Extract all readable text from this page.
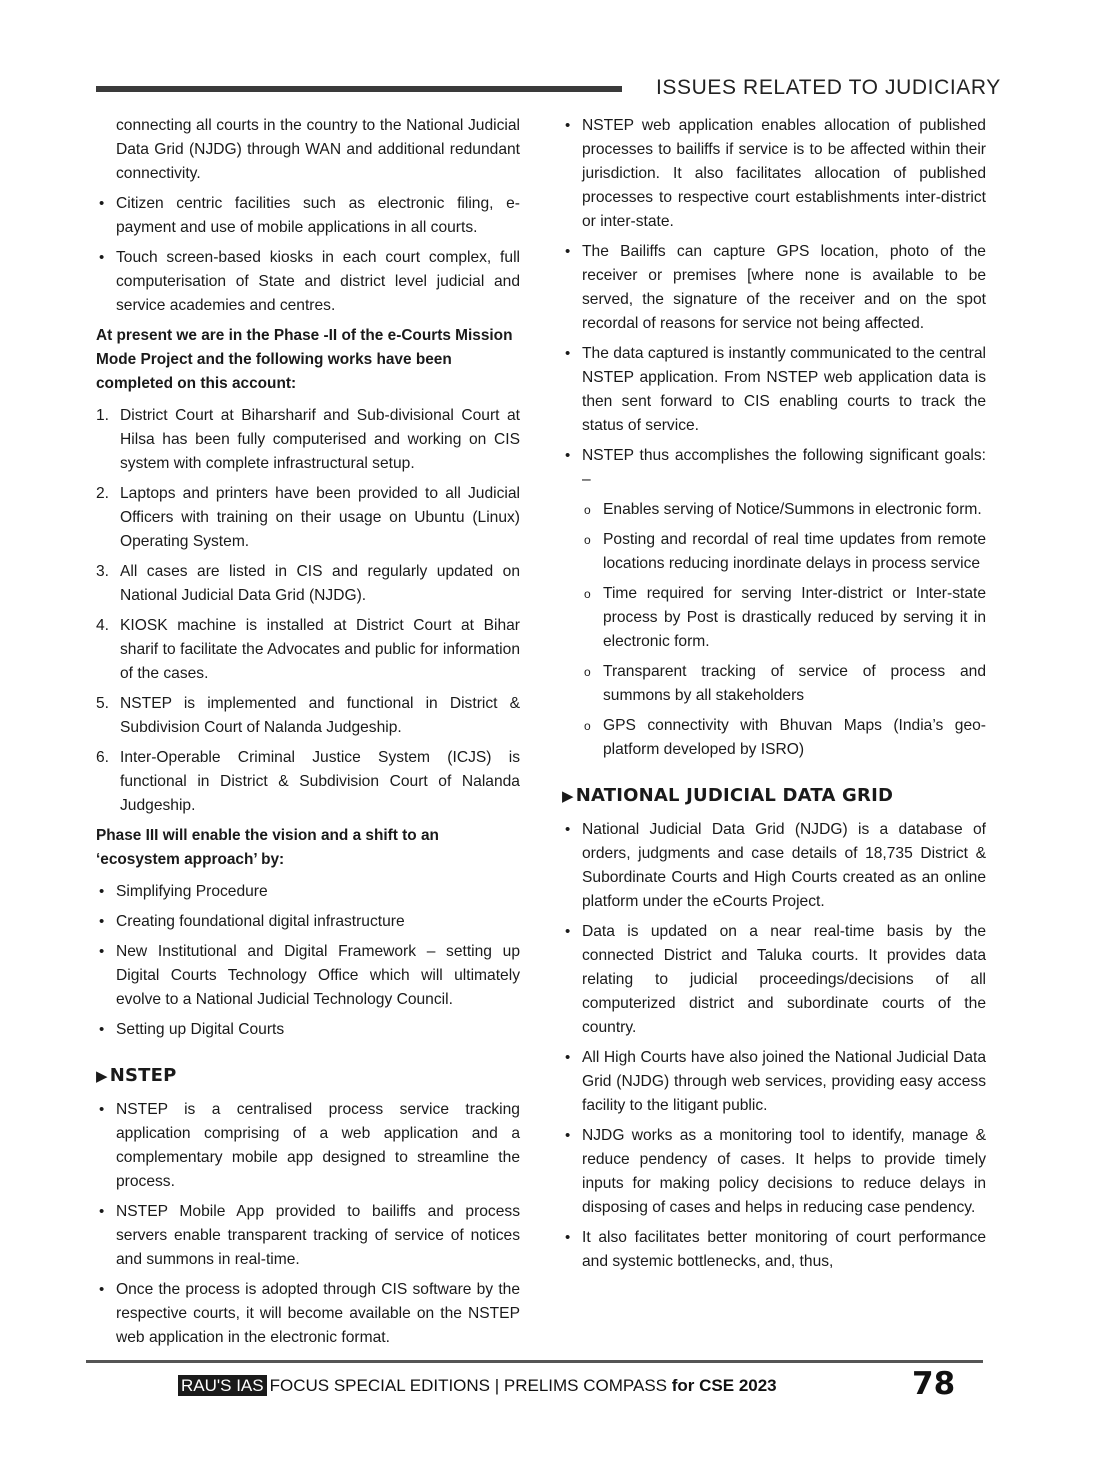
ISSUES RELATED TO JUDICIARY
connecting all courts in the country to the National Judicial Data Grid (NJDG) through WAN and additional redundant connectivity.
• Citizen centric facilities such as electronic filing, e-payment and use of mobile applications in all courts.
• Touch screen-based kiosks in each court complex, full computerisation of State and district level judicial and service academies and centres.
At present we are in the Phase -II of the e-Courts Mission Mode Project and the following works have been completed on this account:
1. District Court at Biharsharif and Sub-divisional Court at Hilsa has been fully computerised and working on CIS system with complete infrastructural setup.
2. Laptops and printers have been provided to all Judicial Officers with training on their usage on Ubuntu (Linux) Operating System.
3. All cases are listed in CIS and regularly updated on National Judicial Data Grid (NJDG).
4. KIOSK machine is installed at District Court at Bihar sharif to facilitate the Advocates and public for information of the cases.
5. NSTEP is implemented and functional in District & Subdivision Court of Nalanda Judgeship.
6. Inter-Operable Criminal Justice System (ICJS) is functional in District & Subdivision Court of Nalanda Judgeship.
Phase III will enable the vision and a shift to an ‘ecosystem approach’ by:
• Simplifying Procedure
• Creating foundational digital infrastructure
• New Institutional and Digital Framework – setting up Digital Courts Technology Office which will ultimately evolve to a National Judicial Technology Council.
• Setting up Digital Courts
▶ NSTEP
• NSTEP is a centralised process service tracking application comprising of a web application and a complementary mobile app designed to streamline the process.
• NSTEP Mobile App provided to bailiffs and process servers enable transparent tracking of service of notices and summons in real-time.
• Once the process is adopted through CIS software by the respective courts, it will become available on the NSTEP web application in the electronic format.
• NSTEP web application enables allocation of published processes to bailiffs if service is to be affected within their jurisdiction. It also facilitates allocation of published processes to respective court establishments inter-district or inter-state.
• The Bailiffs can capture GPS location, photo of the receiver or premises [where none is available to be served, the signature of the receiver and on the spot recordal of reasons for service not being affected.
• The data captured is instantly communicated to the central NSTEP application. From NSTEP web application data is then sent forward to CIS enabling courts to track the status of service.
• NSTEP thus accomplishes the following significant goals: –
o Enables serving of Notice/Summons in electronic form.
o Posting and recordal of real time updates from remote locations reducing inordinate delays in process service
o Time required for serving Inter-district or Inter-state process by Post is drastically reduced by serving it in electronic form.
o Transparent tracking of service of process and summons by all stakeholders
o GPS connectivity with Bhuvan Maps (India’s geo-platform developed by ISRO)
▶ NATIONAL JUDICIAL DATA GRID
• National Judicial Data Grid (NJDG) is a database of orders, judgments and case details of 18,735 District & Subordinate Courts and High Courts created as an online platform under the eCourts Project.
• Data is updated on a near real-time basis by the connected District and Taluka courts. It provides data relating to judicial proceedings/decisions of all computerized district and subordinate courts of the country.
• All High Courts have also joined the National Judicial Data Grid (NJDG) through web services, providing easy access facility to the litigant public.
• NJDG works as a monitoring tool to identify, manage & reduce pendency of cases. It helps to provide timely inputs for making policy decisions to reduce delays in disposing of cases and helps in reducing case pendency.
• It also facilitates better monitoring of court performance and systemic bottlenecks, and, thus,
RAU'S IAS FOCUS SPECIAL EDITIONS | PRELIMS COMPASS for CSE 2023	78
